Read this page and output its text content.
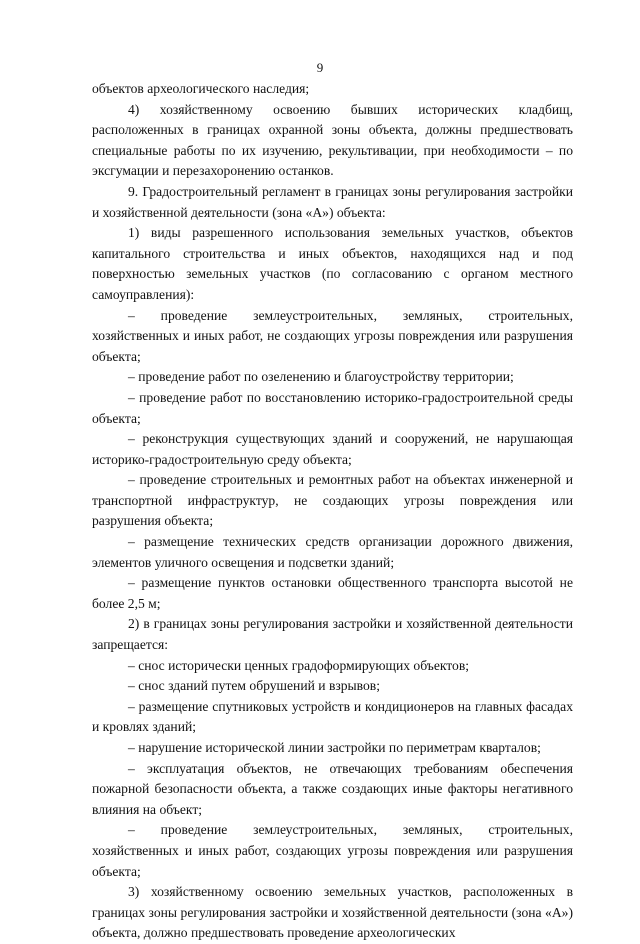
9

объектов археологического наследия;

4) хозяйственному освоению бывших исторических кладбищ, расположенных в границах охранной зоны объекта, должны предшествовать специальные работы по их изучению, рекультивации, при необходимости – по эксгумации и перезахоронению останков.

9. Градостроительный регламент в границах зоны регулирования застройки и хозяйственной деятельности (зона «А») объекта:

1) виды разрешенного использования земельных участков, объектов капитального строительства и иных объектов, находящихся над и под поверхностью земельных участков (по согласованию с органом местного самоуправления):

– проведение землеустроительных, земляных, строительных, хозяйственных и иных работ, не создающих угрозы повреждения или разрушения объекта;

– проведение работ по озеленению и благоустройству территории;

– проведение работ по восстановлению историко-градостроительной среды объекта;

– реконструкция существующих зданий и сооружений, не нарушающая историко-градостроительную среду объекта;

– проведение строительных и ремонтных работ на объектах инженерной и транспортной инфраструктур, не создающих угрозы повреждения или разрушения объекта;

– размещение технических средств организации дорожного движения, элементов уличного освещения и подсветки зданий;

– размещение пунктов остановки общественного транспорта высотой не более 2,5 м;

2) в границах зоны регулирования застройки и хозяйственной деятельности запрещается:

– снос исторически ценных градоформирующих объектов;

– снос зданий путем обрушений и взрывов;

– размещение спутниковых устройств и кондиционеров на главных фасадах и кровлях зданий;

– нарушение исторической линии застройки по периметрам кварталов;

– эксплуатация объектов, не отвечающих требованиям обеспечения пожарной безопасности объекта, а также создающих иные факторы негативного влияния на объект;

– проведение землеустроительных, земляных, строительных, хозяйственных и иных работ, создающих угрозы повреждения или разрушения объекта;

3) хозяйственному освоению земельных участков, расположенных в границах зоны регулирования застройки и хозяйственной деятельности (зона «А») объекта, должно предшествовать проведение археологических
